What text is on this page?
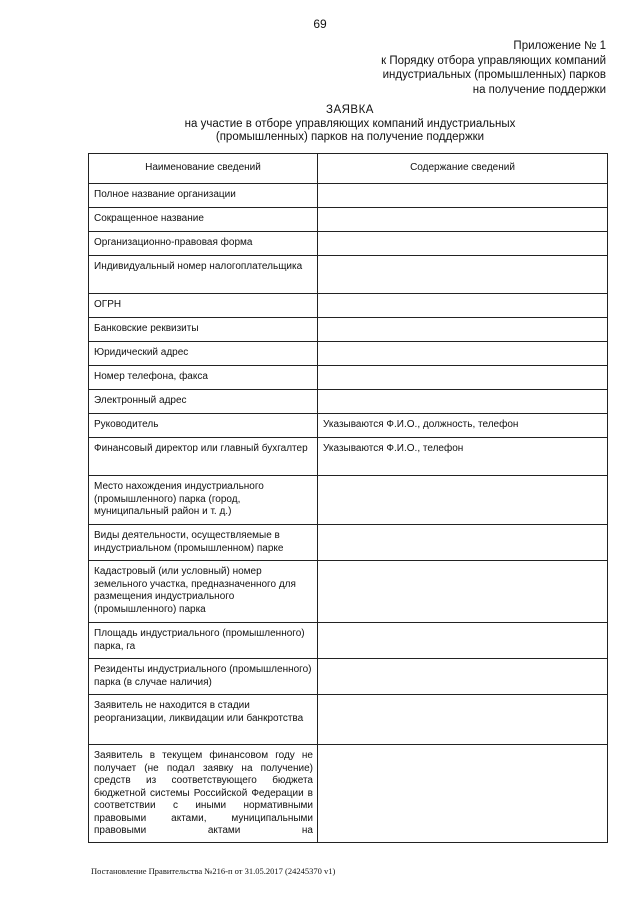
69
Приложение № 1
к Порядку отбора управляющих компаний
индустриальных (промышленных) парков
на получение поддержки
ЗАЯВКА
на участие в отборе управляющих компаний индустриальных
(промышленных) парков на получение поддержки
Наименование сведений	Содержание сведений
Полное название организации	
Сокращенное название	
Организационно-правовая форма	
Индивидуальный номер налогоплательщика	
ОГРН	
Банковские реквизиты	
Юридический адрес	
Номер телефона, факса	
Электронный адрес	
Руководитель	Указываются Ф.И.О., должность, телефон
Финансовый директор или главный бухгалтер	Указываются Ф.И.О., телефон
Место нахождения индустриального (промышленного) парка (город, муниципальный район и т. д.)	
Виды деятельности, осуществляемые в индустриальном (промышленном) парке	
Кадастровый (или условный) номер земельного участка, предназначенного для размещения индустриального (промышленного) парка	
Площадь индустриального (промышленного) парка, га	
Резиденты индустриального (промышленного) парка (в случае наличия)	
Заявитель не находится в стадии реорганизации, ликвидации или банкротства	
Заявитель в текущем финансовом году не получает (не подал заявку на получение) средств из соответствующего бюджета бюджетной системы Российской Федерации в соответствии с иными нормативными правовыми актами, муниципальными правовыми актами на	
Постановление Правительства №216-п от 31.05.2017 (24245370 v1)
